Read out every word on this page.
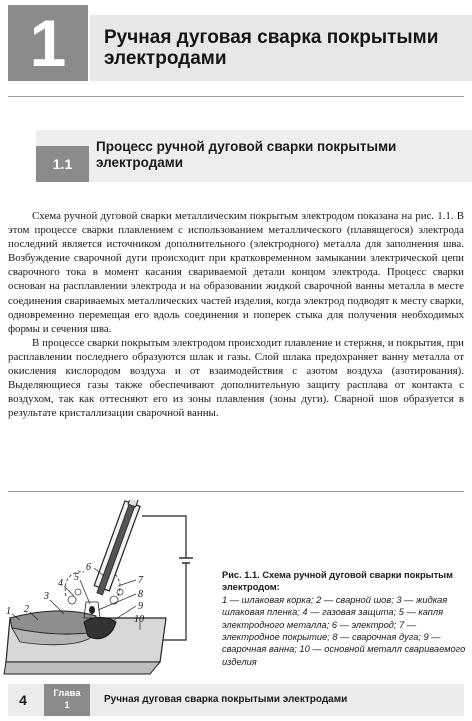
1	Ручная дуговая сварка покрытыми электродами
1.1
Процесс ручной дуговой сварки покрытыми электродами

Схема ручной дуговой сварки металлическим покрытым электродом показана на рис. 1.1. В этом процессе сварки плавлением с использованием металлического (плавящегося) электрода последний является источником дополнительного (электродного) металла для заполнения шва. Возбуждение сварочной дуги происходит при кратковременном замыкании электрической цепи сварочного тока в момент касания свариваемой детали концом электрода. Процесс сварки основан на расплавлении электрода и на образовании жидкой сварочной ванны металла в месте соединения свариваемых металлических частей изделия, когда электрод подводят к месту сварки, одновременно перемещая его вдоль соединения и поперек стыка для получения необходимых формы и сечения шва.

В процессе сварки покрытым электродом происходит плавление и стержня, и покрытия, при расплавлении последнего образуются шлак и газы. Слой шлака предохраняет ванну металла от окисления кислородом воздуха и от взаимодействия с азотом воздуха (азотирования). Выделяющиеся газы также обеспечивают дополнительную защиту расплава от контакта с воздухом, так как оттесняют его из зоны плавления (зоны дуги). Сварной шов образуется в результате кристаллизации сварочной ванны.

1 2
3
4
5
6
7
8
9
10
Рис. 1.1. Схема ручной дуговой сварки покрытым электродом:
1 — шлаковая корка; 2 — сварной шов; 3 — жидкая шлаковая пленка; 4 — газовая защита; 5 — капля электродного металла; 6 — электрод; 7 — электродное покрытие; 8 — сварочная дуга; 9 — сварочная ванна; 10 — основной металл свариваемого изделия
4	Глава
1
Ручная дуговая сварка покрытыми электродами
